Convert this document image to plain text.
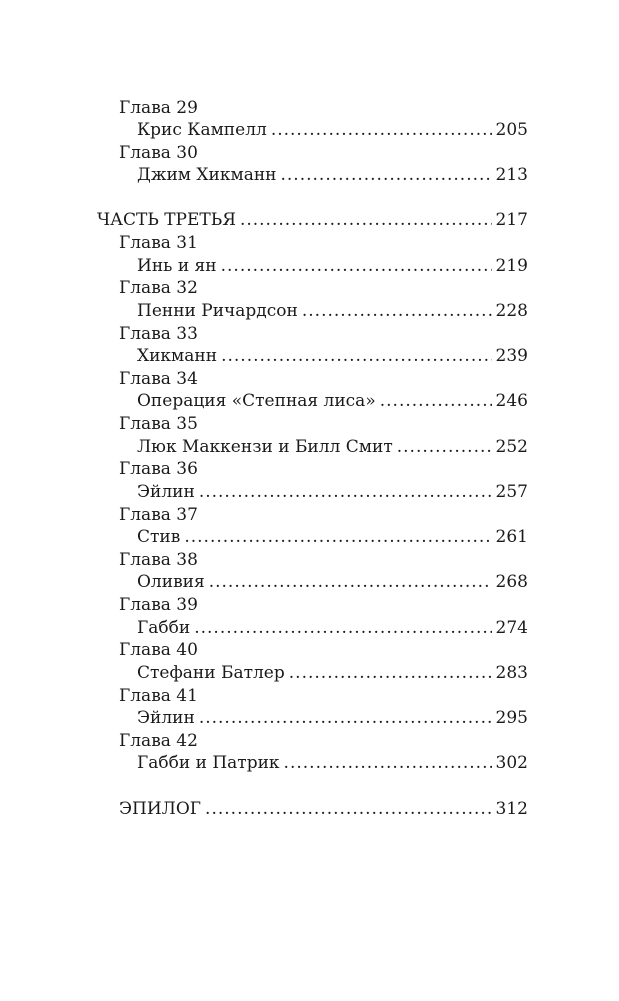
Глава 29
Крис Кампелл .....	205
Глава 30
Джим Хикманн .....	213
ЧАСТЬ ТРЕТЬЯ .....	217
Глава 31
Инь и ян .....	219
Глава 32
Пенни Ричардсон .....	228
Глава 33
Хикманн .....	239
Глава 34
Операция «Степная лиса» .....	246
Глава 35
Люк Маккензи и Билл Смит .....	252
Глава 36
Эйлин .....	257
Глава 37
Стив .....	261
Глава 38
Оливия .....	268
Глава 39
Габби .....	274
Глава 40
Стефани Батлер .....	283
Глава 41
Эйлин .....	295
Глава 42
Габби и Патрик .....	302
ЭПИЛОГ .....	312
